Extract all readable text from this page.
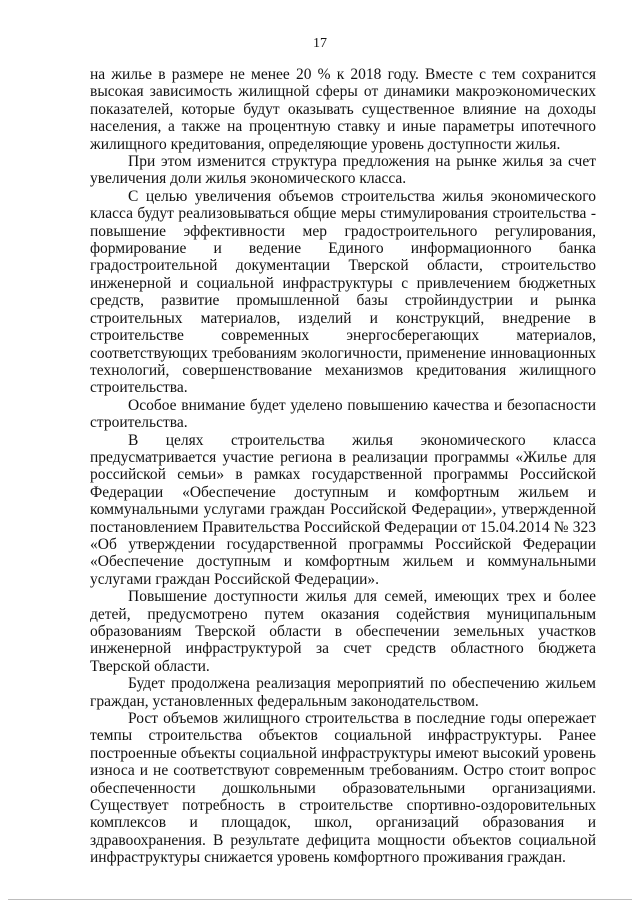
17

на жилье в размере не менее 20 % к 2018 году. Вместе с тем сохранится высокая зависимость жилищной сферы от динамики макроэкономических показателей, которые будут оказывать существенное влияние на доходы населения, а также на процентную ставку и иные параметры ипотечного жилищного кредитования, определяющие уровень доступности жилья.

При этом изменится структура предложения на рынке жилья за счет увеличения доли жилья экономического класса.

С целью увеличения объемов строительства жилья экономического класса будут реализовываться общие меры стимулирования строительства - повышение эффективности мер градостроительного регулирования, формирование и ведение Единого информационного банка градостроительной документации Тверской области, строительство инженерной и социальной инфраструктуры с привлечением бюджетных средств, развитие промышленной базы стройиндустрии и рынка строительных материалов, изделий и конструкций, внедрение в строительстве современных энергосберегающих материалов, соответствующих требованиям экологичности, применение инновационных технологий, совершенствование механизмов кредитования жилищного строительства.

Особое внимание будет уделено повышению качества и безопасности строительства.

В целях строительства жилья экономического класса предусматривается участие региона в реализации программы «Жилье для российской семьи» в рамках государственной программы Российской Федерации «Обеспечение доступным и комфортным жильем и коммунальными услугами граждан Российской Федерации», утвержденной постановлением Правительства Российской Федерации от 15.04.2014 № 323 «Об утверждении государственной программы Российской Федерации «Обеспечение доступным и комфортным жильем и коммунальными услугами граждан Российской Федерации».

Повышение доступности жилья для семей, имеющих трех и более детей, предусмотрено путем оказания содействия муниципальным образованиям Тверской области в обеспечении земельных участков инженерной инфраструктурой за счет средств областного бюджета Тверской области.

Будет продолжена реализация мероприятий по обеспечению жильем граждан, установленных федеральным законодательством.

Рост объемов жилищного строительства в последние годы опережает темпы строительства объектов социальной инфраструктуры. Ранее построенные объекты социальной инфраструктуры имеют высокий уровень износа и не соответствуют современным требованиям. Остро стоит вопрос обеспеченности дошкольными образовательными организациями. Существует потребность в строительстве спортивно-оздоровительных комплексов и площадок, школ, организаций образования и здравоохранения. В результате дефицита мощности объектов социальной инфраструктуры снижается уровень комфортного проживания граждан.
